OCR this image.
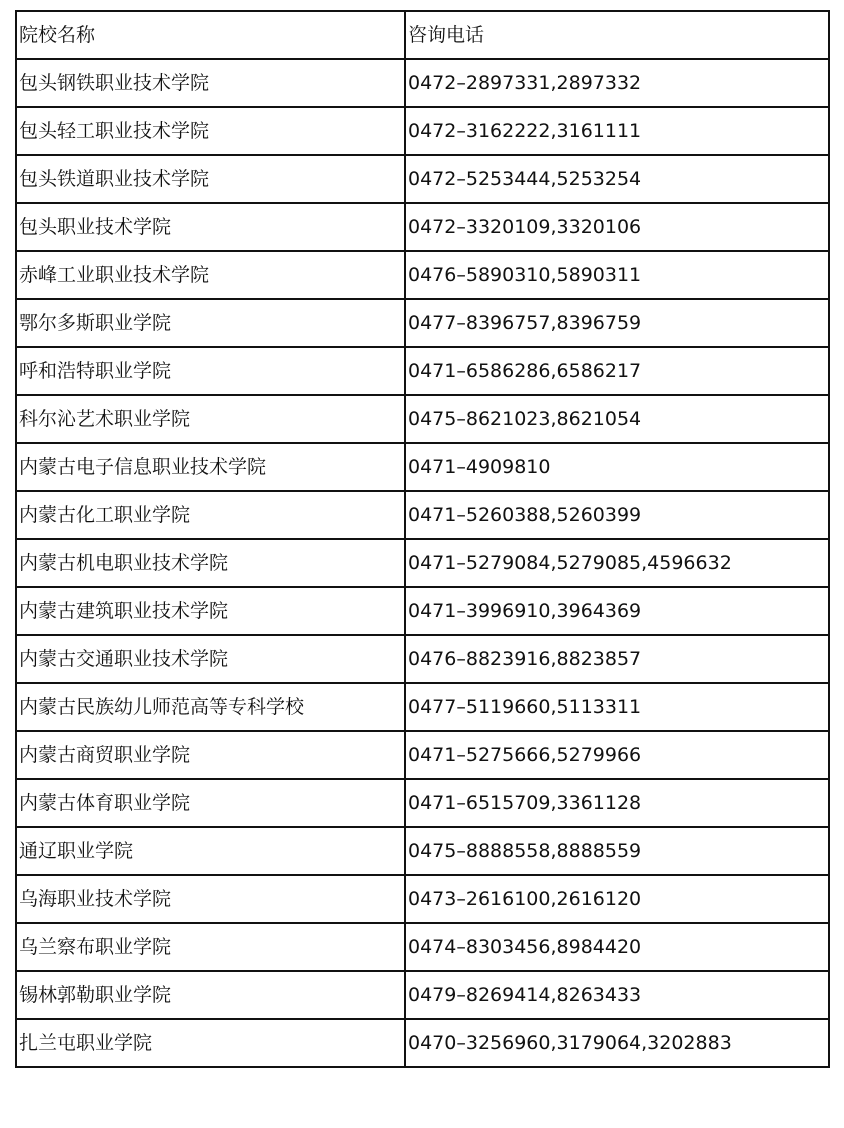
院校名称	咨询电话
包头钢铁职业技术学院	0472–2897331,2897332
包头轻工职业技术学院	0472–3162222,3161111
包头铁道职业技术学院	0472–5253444,5253254
包头职业技术学院	0472–3320109,3320106
赤峰工业职业技术学院	0476–5890310,5890311
鄂尔多斯职业学院	0477–8396757,8396759
呼和浩特职业学院	0471–6586286,6586217
科尔沁艺术职业学院	0475–8621023,8621054
内蒙古电子信息职业技术学院	0471–4909810
内蒙古化工职业学院	0471–5260388,5260399
内蒙古机电职业技术学院	0471–5279084,5279085,4596632
内蒙古建筑职业技术学院	0471–3996910,3964369
内蒙古交通职业技术学院	0476–8823916,8823857
内蒙古民族幼儿师范高等专科学校	0477–5119660,5113311
内蒙古商贸职业学院	0471–5275666,5279966
内蒙古体育职业学院	0471–6515709,3361128
通辽职业学院	0475–8888558,8888559
乌海职业技术学院	0473–2616100,2616120
乌兰察布职业学院	0474–8303456,8984420
锡林郭勒职业学院	0479–8269414,8263433
扎兰屯职业学院	0470–3256960,3179064,3202883
